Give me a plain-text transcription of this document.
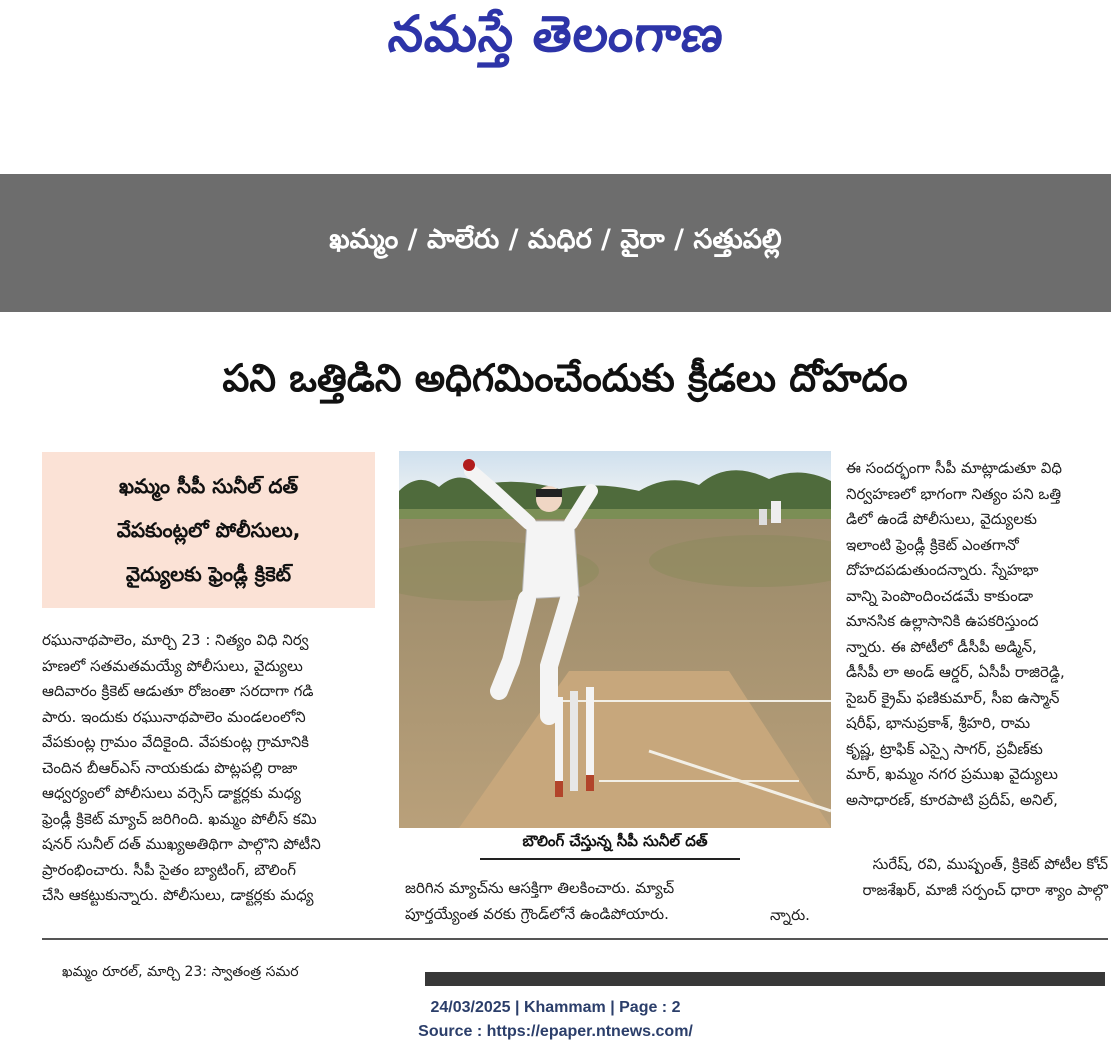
నమస్తే తెలంగాణ
ఖమ్మం / పాలేరు / మధిర / వైరా / సత్తుపల్లి
పని ఒత్తిడిని అధిగమించేందుకు క్రీడలు దోహదం
ఖమ్మం సీపీ సునీల్ దత్
వేపకుంట్లలో పోలీసులు,
వైద్యులకు ఫ్రెండ్లీ క్రికెట్

రఘునాథపాలెం, మార్చి 23 : నిత్యం విధి నిర్వ

హణలో సతమతమయ్యే పోలీసులు, వైద్యులు

ఆదివారం క్రికెట్ ఆడుతూ రోజంతా సరదాగా గడి

పారు. ఇందుకు రఘునాథపాలెం మండలంలోని

వేపకుంట్ల గ్రామం వేదికైంది. వేపకుంట్ల గ్రామానికి

చెందిన బీఆర్ఎస్ నాయకుడు పొట్లపల్లి రాజా

ఆధ్వర్యంలో పోలీసులు వర్సెస్ డాక్టర్లకు మధ్య

ఫ్రెండ్లీ క్రికెట్ మ్యాచ్ జరిగింది. ఖమ్మం పోలీస్ కమి

షనర్ సునీల్ దత్ ముఖ్యఅతిథిగా పాల్గొని పోటీని

ప్రారంభించారు. సీపీ సైతం బ్యాటింగ్, బౌలింగ్

చేసి ఆకట్టుకున్నారు. పోలీసులు, డాక్టర్లకు మధ్య

బౌలింగ్ చేస్తున్న సీపీ సునీల్ దత్

జరిగిన మ్యాచ్‌ను ఆసక్తిగా తిలకించారు. మ్యాచ్

పూర్తయ్యేంత వరకు గ్రౌండ్‌లోనే ఉండిపోయారు.

ఈ సందర్భంగా సీపీ మాట్లాడుతూ విధి

నిర్వహణలో భాగంగా నిత్యం పని ఒత్తి

డిలో ఉండే పోలీసులు, వైద్యులకు

ఇలాంటి ఫ్రెండ్లీ క్రికెట్ ఎంతగానో

దోహదపడుతుందన్నారు. స్నేహభా

వాన్ని పెంపొందించడమే కాకుండా

మానసిక ఉల్లాసానికి ఉపకరిస్తుంద

న్నారు. ఈ పోటీలో డీసీపీ అడ్మిన్,

డీసీపీ లా అండ్ ఆర్డర్, ఏసీపీ రాజిరెడ్డి,

సైబర్ క్రైమ్ ఫణికుమార్, సీఐ ఉస్మాన్

షరీఫ్, భానుప్రకాశ్, శ్రీహరి, రామ

కృష్ణ, ట్రాఫిక్ ఎస్సై సాగర్, ప్రవీణ్‌కు

మార్, ఖమ్మం నగర ప్రముఖ వైద్యులు

అసాధారణ్, కూరపాటి ప్రదీప్, అనిల్,

సురేష్, రవి, ముష్పంత్, క్రికెట్ పోటీల కోచ్

రాజశేఖర్, మాజీ సర్పంచ్ ధారా శ్యాం పాల్గొ

న్నారు.

ఖమ్మం రూరల్, మార్చి 23: స్వాతంత్ర సమర

24/03/2025 | Khammam | Page : 2
Source : https://epaper.ntnews.com/
